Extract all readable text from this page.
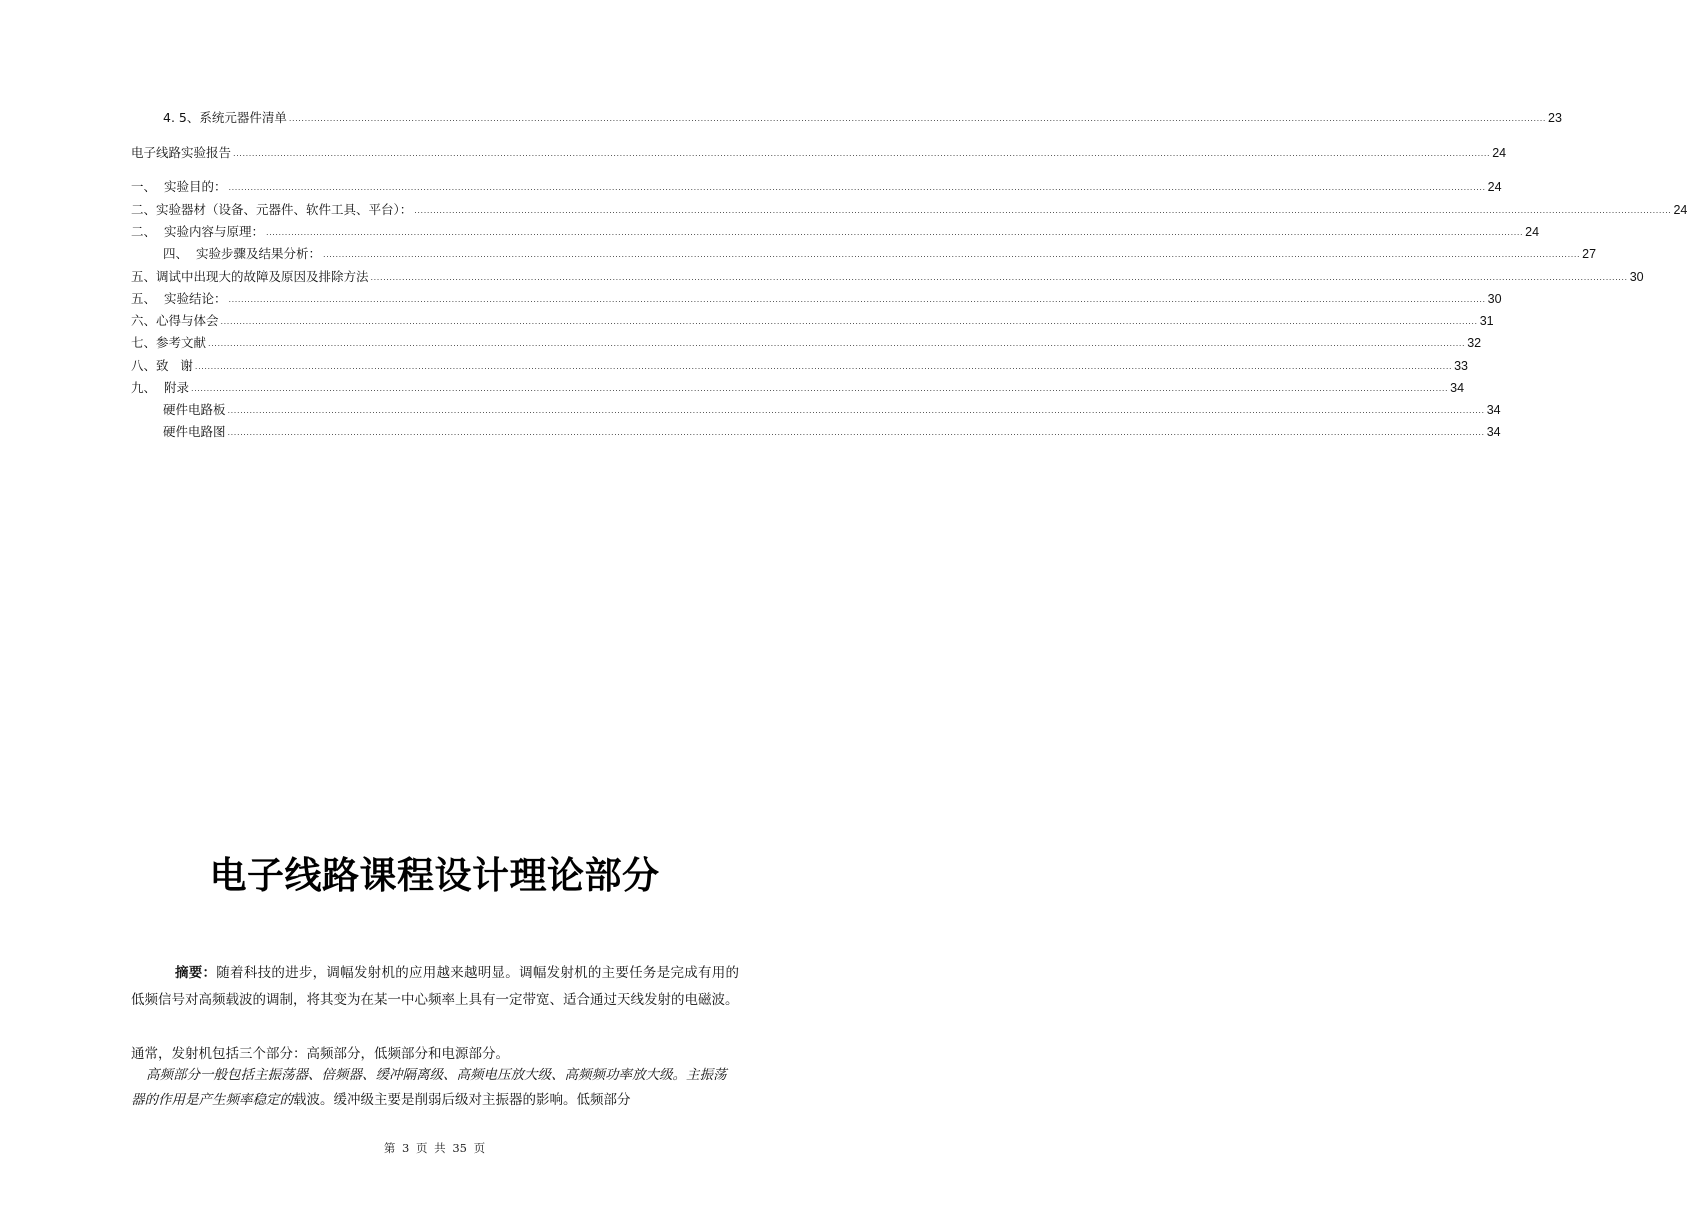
4. 5、系统元器件清单 ................................................................................................................................................................................................................................................................................................................................................................................................................ 23
电子线路实验报告 ................................................................................................................................................................................................................................................................................................................................................................................................................ 24
一、  实验目的： ................................................................................................................................................................................................................................................................................................................................................................................................................ 24
二、实验器材（设备、元器件、软件工具、平台）： ................................................................................................................................................................................................................................................................................................................................................................................................................ 24
二、  实验内容与原理： ................................................................................................................................................................................................................................................................................................................................................................................................................ 24
四、  实验步骤及结果分析： ................................................................................................................................................................................................................................................................................................................................................................................................................ 27
五、调试中出现大的故障及原因及排除方法 ................................................................................................................................................................................................................................................................................................................................................................................................................ 30
五、  实验结论： ................................................................................................................................................................................................................................................................................................................................................................................................................ 30
六、心得与体会 ................................................................................................................................................................................................................................................................................................................................................................................................................ 31
七、参考文献 ................................................................................................................................................................................................................................................................................................................................................................................................................ 32
八、致   谢 ................................................................................................................................................................................................................................................................................................................................................................................................................ 33
九、  附录 ................................................................................................................................................................................................................................................................................................................................................................................................................ 34
硬件电路板 ................................................................................................................................................................................................................................................................................................................................................................................................................ 34
硬件电路图 ................................................................................................................................................................................................................................................................................................................................................................................................................ 34
电子线路课程设计理论部分
摘要：随着科技的进步，调幅发射机的应用越来越明显。调幅发射机的主要任务是完成有用的低频信号对高频载波的调制，将其变为在某一中心频率上具有一定带宽、适合通过天线发射的电磁波。
通常，发射机包括三个部分：高频部分，低频部分和电源部分。
高频部分一般包括主振荡器、倍频器、缓冲隔离级、高频电压放大级、高频频功率放大级。主振荡器的作用是产生频率稳定的载波。缓冲级主要是削弱后级对主振器的影响。低频部分
第 3 页 共 35 页
